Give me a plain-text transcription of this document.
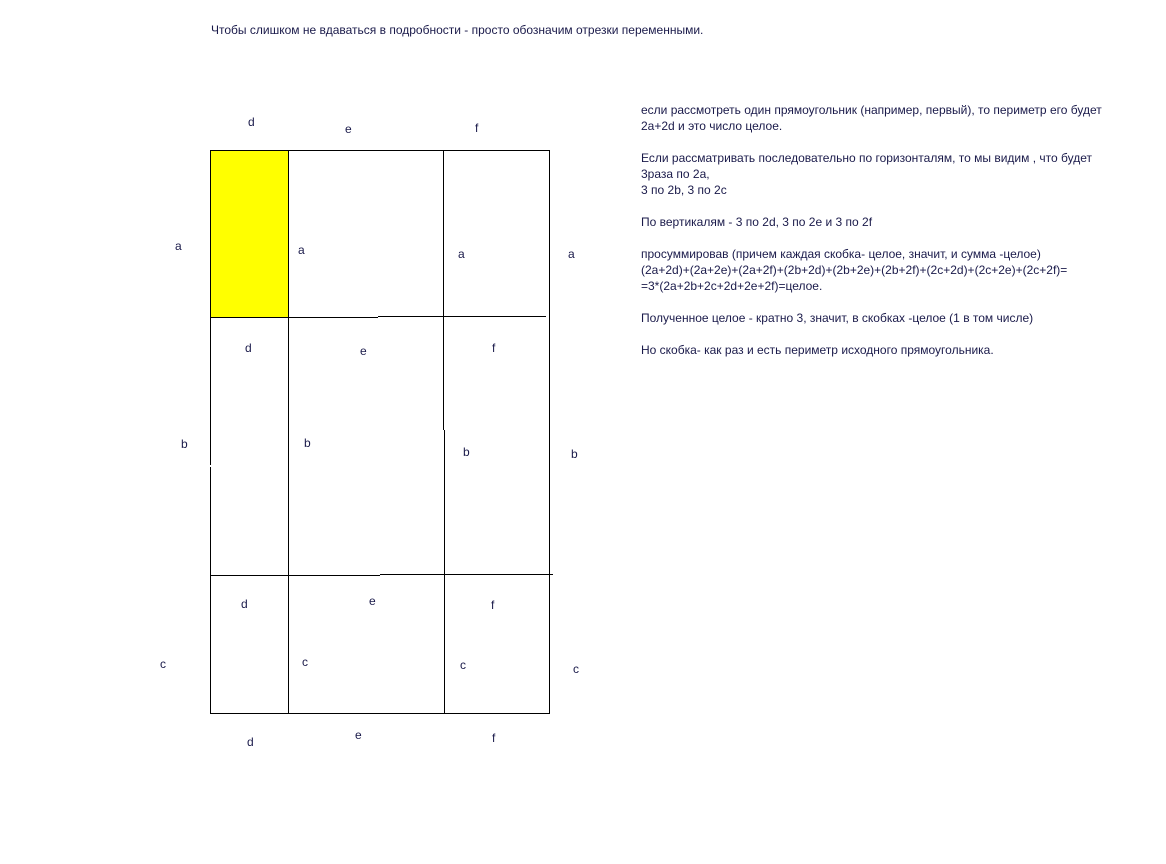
Чтобы слишком не вдаваться в подробности - просто обозначим отрезки переменными.
d	e	f
a
b
c
a
b
c
d	e	f
a	a
d	e	f
b
b
d	e	f
c	c
если рассмотреть один прямоугольник (например, первый), то периметр его будет
2a+2d и это число целое.
Если рассматривать последовательно по горизонталям, то мы видим , что будет
3раза по 2a,
3 по 2b, 3 по 2c
По вертикалям - 3 по 2d, 3 по 2e и 3 по 2f
просуммировав (причем каждая скобка- целое, значит, и сумма -целое)
(2a+2d)+(2a+2e)+(2a+2f)+(2b+2d)+(2b+2e)+(2b+2f)+(2c+2d)+(2c+2e)+(2c+2f)=
=3*(2a+2b+2c+2d+2e+2f)=целое.
Полученное целое - кратно 3, значит, в скобках -целое (1 в том числе)
Но скобка- как раз и есть периметр исходного прямоугольника.
